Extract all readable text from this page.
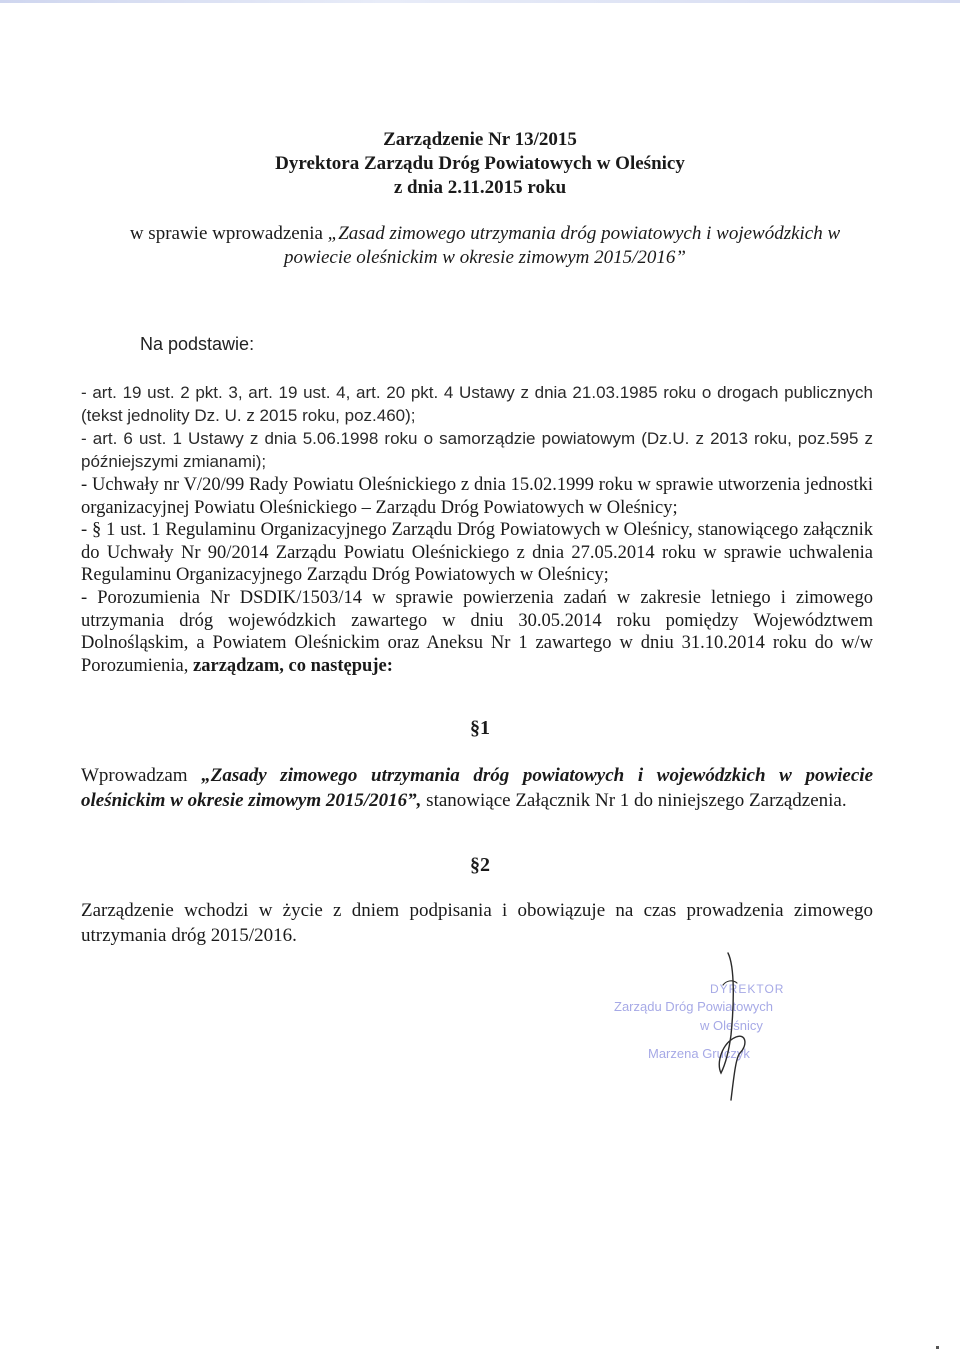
Zarządzenie Nr 13/2015
Dyrektora Zarządu Dróg Powiatowych w Oleśnicy
z dnia 2.11.2015 roku
w sprawie wprowadzenia „Zasad zimowego utrzymania dróg powiatowych i wojewódzkich w
powiecie oleśnickim w okresie zimowym 2015/2016”
Na podstawie:
- art. 19 ust. 2 pkt. 3, art. 19 ust. 4, art. 20 pkt. 4 Ustawy z dnia 21.03.1985 roku o drogach publicznych (tekst jednolity Dz. U. z 2015 roku, poz.460);
- art. 6 ust. 1 Ustawy z dnia 5.06.1998 roku o samorządzie powiatowym (Dz.U. z 2013 roku, poz.595 z późniejszymi zmianami);
- Uchwały nr V/20/99 Rady Powiatu Oleśnickiego z dnia 15.02.1999 roku w sprawie utworzenia jednostki organizacyjnej Powiatu Oleśnickiego – Zarządu Dróg Powiatowych w Oleśnicy;
- § 1 ust. 1 Regulaminu Organizacyjnego Zarządu Dróg Powiatowych w Oleśnicy, stanowiącego załącznik do Uchwały Nr 90/2014 Zarządu Powiatu Oleśnickiego z dnia 27.05.2014 roku w sprawie uchwalenia Regulaminu Organizacyjnego Zarządu Dróg Powiatowych w Oleśnicy;
- Porozumienia Nr DSDIK/1503/14 w sprawie powierzenia zadań w zakresie letniego i zimowego utrzymania dróg wojewódzkich zawartego w dniu 30.05.2014 roku pomiędzy Województwem Dolnośląskim, a Powiatem Oleśnickim oraz Aneksu Nr 1 zawartego w dniu 31.10.2014 roku do w/w Porozumienia, zarządzam, co następuje:
§1
Wprowadzam „Zasady zimowego utrzymania dróg powiatowych i wojewódzkich w powiecie oleśnickim w okresie zimowym 2015/2016”, stanowiące Załącznik Nr 1 do niniejszego Zarządzenia.
§2
Zarządzenie wchodzi w życie z dniem podpisania i obowiązuje na czas prowadzenia zimowego utrzymania dróg 2015/2016.
DYREKTOR
Zarządu Dróg Powiatowych
w Oleśnicy
Marzena Gruczyk
